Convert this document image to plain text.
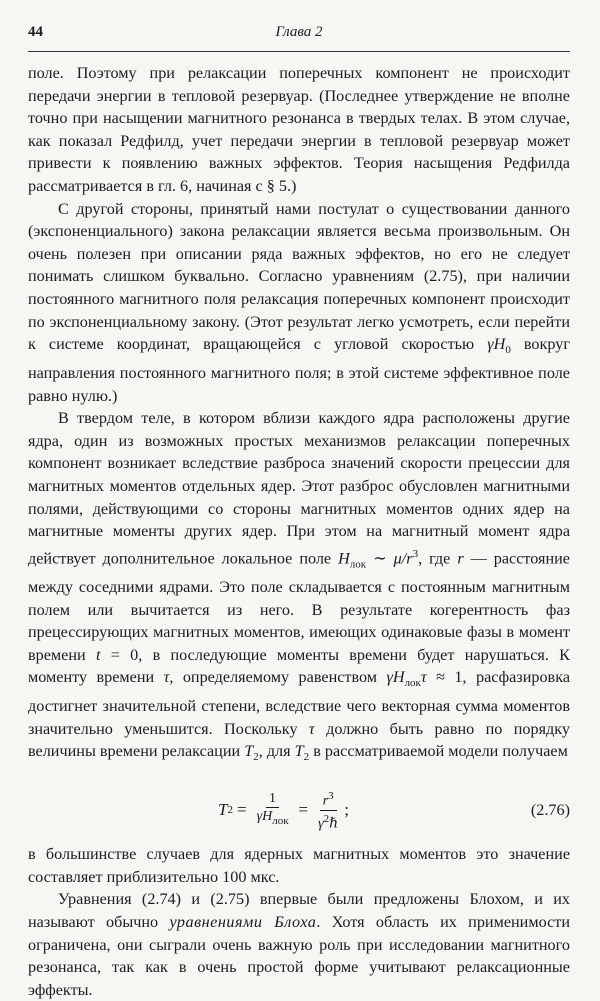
44	Глава 2

поле. Поэтому при релаксации поперечных компонент не происходит передачи энергии в тепловой резервуар. (Последнее утверждение не вполне точно при насыщении магнитного резонанса в твердых телах. В этом случае, как показал Редфилд, учет передачи энергии в тепловой резервуар может привести к появлению важных эффектов. Теория насыщения Редфилда рассматривается в гл. 6, начиная с § 5.)

С другой стороны, принятый нами постулат о существовании данного (экспоненциального) закона релаксации является весьма произвольным. Он очень полезен при описании ряда важных эффектов, но его не следует понимать слишком буквально. Согласно уравнениям (2.75), при наличии постоянного магнитного поля релаксация поперечных компонент происходит по экспоненциальному закону. (Этот результат легко усмотреть, если перейти к системе координат, вращающейся с угловой скоростью $\gamma H_0$ вокруг направления постоянного магнитного поля; в этой системе эффективное поле равно нулю.)

В твердом теле, в котором вблизи каждого ядра расположены другие ядра, один из возможных простых механизмов релаксации поперечных компонент возникает вследствие разброса значений скорости прецессии для магнитных моментов отдельных ядер. Этот разброс обусловлен магнитными полями, действующими со стороны магнитных моментов одних ядер на магнитные моменты других ядер. При этом на магнитный момент ядра действует дополнительное локальное поле $H_{лок}$ ∼ $\mu/r^3$, где r — расстояние между соседними ядрами. Это поле складывается с постоянным магнитным полем или вычитается из него. В результате когерентность фаз прецессирующих магнитных моментов, имеющих одинаковые фазы в момент времени t = 0, в последующие моменты времени будет нарушаться. К моменту времени τ, определяемому равенством $\gamma H_{лок}\tau \approx 1$, расфазировка достигнет значительной степени, вследствие чего векторная сумма моментов значительно уменьшится. Поскольку τ должно быть равно по порядку величины времени релаксации $T_2$, для $T_2$ в рассматриваемой модели получаем

T $2 = \frac{1}{\gamma H_{лок}} = \frac{r^3}{\gamma^2\hbar}$ ;	(2.76)

в большинстве случаев для ядерных магнитных моментов это значение составляет приблизительно 100 мкс.

Уравнения (2.74) и (2.75) впервые были предложены Блохом, и их называют обычно уравнениями Блоха. Хотя область их применимости ограничена, они сыграли очень важную роль при исследовании магнитного резонанса, так как в очень простой форме учитывают релаксационные эффекты.
